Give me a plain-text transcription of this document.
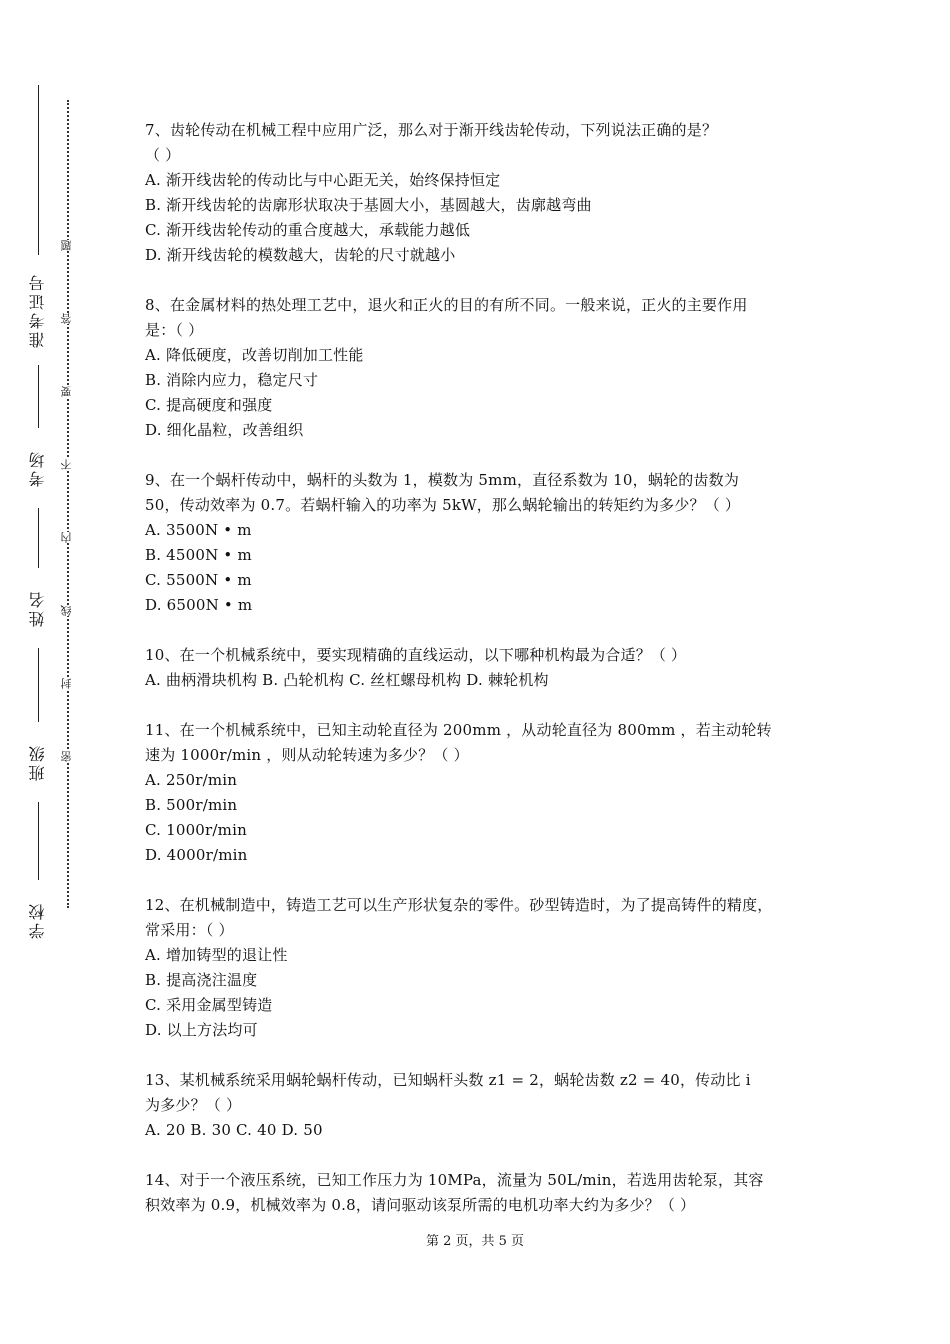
准考证号
考场
姓名
班级
学校
题
答
要
不
内
线
封
密
7、齿轮传动在机械工程中应用广泛，那么对于渐开线齿轮传动，下列说法正确的是？
（ ）
A. 渐开线齿轮的传动比与中心距无关，始终保持恒定
B. 渐开线齿轮的齿廓形状取决于基圆大小，基圆越大，齿廓越弯曲
C. 渐开线齿轮传动的重合度越大，承载能力越低
D. 渐开线齿轮的模数越大，齿轮的尺寸就越小
8、在金属材料的热处理工艺中，退火和正火的目的有所不同。一般来说，正火的主要作用
是：（ ）
A. 降低硬度，改善切削加工性能
B. 消除内应力，稳定尺寸
C. 提高硬度和强度
D. 细化晶粒，改善组织
9、在一个蜗杆传动中，蜗杆的头数为 1，模数为 5mm，直径系数为 10，蜗轮的齿数为
50，传动效率为 0.7。若蜗杆输入的功率为 5kW，那么蜗轮输出的转矩约为多少？（ ）
A. 3500N • m
B. 4500N • m
C. 5500N • m
D. 6500N • m
10、在一个机械系统中，要实现精确的直线运动，以下哪种机构最为合适？（ ）
A. 曲柄滑块机构 B. 凸轮机构 C. 丝杠螺母机构 D. 棘轮机构
11、在一个机械系统中，已知主动轮直径为 200mm ，从动轮直径为 800mm ，若主动轮转
速为 1000r/min ，则从动轮转速为多少？（ ）
A. 250r/min
B. 500r/min
C. 1000r/min
D. 4000r/min
12、在机械制造中，铸造工艺可以生产形状复杂的零件。砂型铸造时，为了提高铸件的精度，
常采用：（ ）
A. 增加铸型的退让性
B. 提高浇注温度
C. 采用金属型铸造
D. 以上方法均可
13、某机械系统采用蜗轮蜗杆传动，已知蜗杆头数 z1 = 2，蜗轮齿数 z2 = 40，传动比 i
为多少？（ ）
A. 20 B. 30 C. 40 D. 50
14、对于一个液压系统，已知工作压力为 10MPa，流量为 50L/min，若选用齿轮泵，其容
积效率为 0.9，机械效率为 0.8，请问驱动该泵所需的电机功率大约为多少？（ ）
第 2 页，共 5 页
